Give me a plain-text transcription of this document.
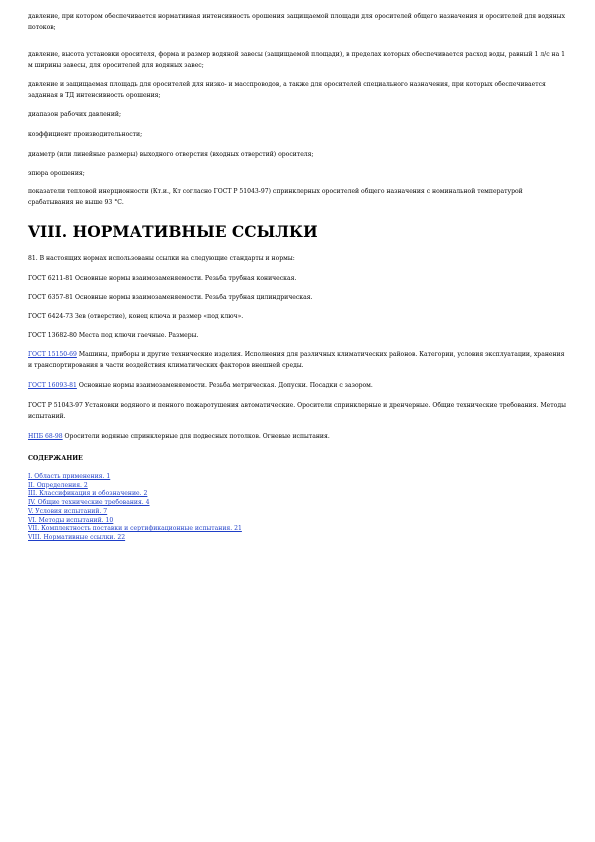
давление, при котором обеспечивается нормативная интенсивность орошения защищаемой площади для оросителей общего назначения и оросителей для водяных потоков;
давление, высота установки оросителя, форма и размер водяной завесы (защищаемой площади), в пределах которых обеспечивается расход воды, равный 1 л/с на 1 м ширины завесы, для оросителей для водяных завес;
давление и защищаемая площадь для оросителей для низко- и масспроводов, а также для оросителей специального назначения, при которых обеспечивается заданная в ТД интенсивность орошения;
диапазон рабочих давлений;
коэффициент производительности;
диаметр (или линейные размеры) выходного отверстия (входных отверстий) оросителя;
эпюра орошения;
показатели тепловой инерционности (Кт.и., Кт согласно ГОСТ Р 51043-97) спринклерных оросителей общего назначения с номинальной температурой срабатывания не выше 93 °С.
VIII. НОРМАТИВНЫЕ ССЫЛКИ
81. В настоящих нормах использованы ссылки на следующие стандарты и нормы:
ГОСТ 6211-81 Основные нормы взаимозаменяемости. Резьба трубная коническая.
ГОСТ 6357-81 Основные нормы взаимозаменяемости. Резьба трубная цилиндрическая.
ГОСТ 6424-73 Зев (отверстие), конец ключа и размер «под ключ».
ГОСТ 13682-80 Места под ключи гаечные. Размеры.
ГОСТ 15150-69 Машины, приборы и другие технические изделия. Исполнения для различных климатических районов. Категории, условия эксплуатации, хранения и транспортирования в части воздействия климатических факторов внешней среды.
ГОСТ 16093-81 Основные нормы взаимозаменяемости. Резьба метрическая. Допуски. Посадки с зазором.
ГОСТ Р 51043-97 Установки водяного и пенного пожаротушения автоматические. Оросители спринклерные и дренчерные. Общие технические требования. Методы испытаний.
НПБ 68-98 Оросители водяные спринклерные для подвесных потолков. Огневые испытания.
СОДЕРЖАНИЕ
I. Область применения. 1
II. Определения. 2
III. Классификация и обозначение. 2
IV. Общие технические требования. 4
V. Условия испытаний. 7
VI. Методы испытаний. 10
VII. Комплектность поставки и сертификационные испытания. 21
VIII. Нормативные ссылки. 22
